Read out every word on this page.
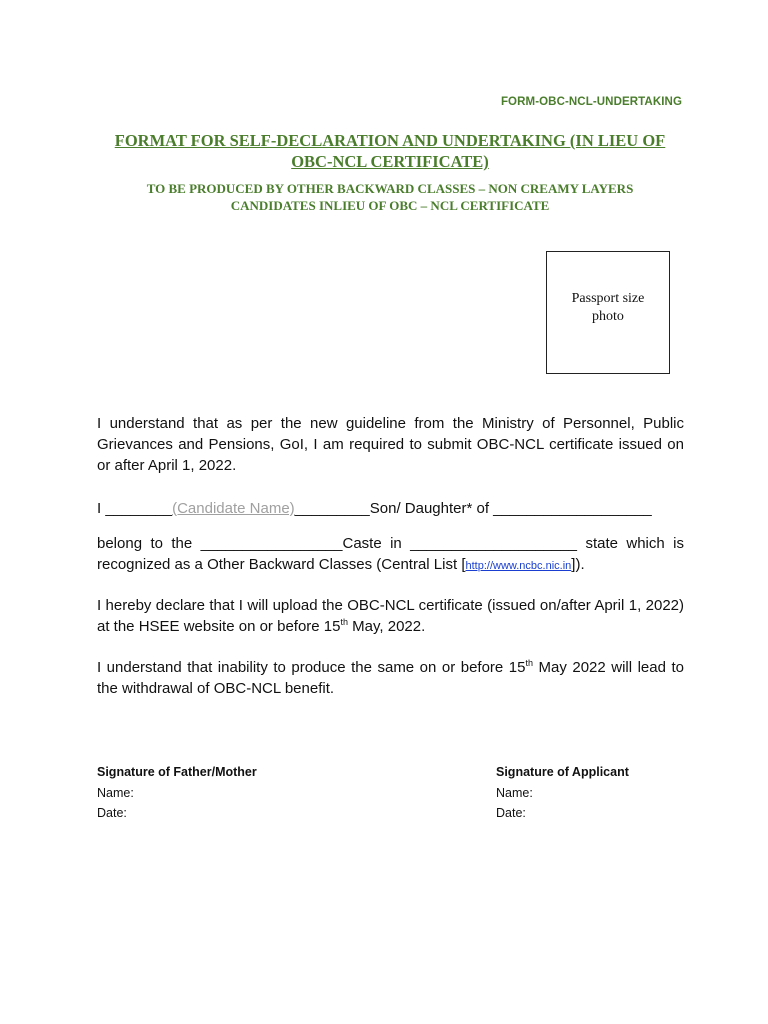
FORM-OBC-NCL-UNDERTAKING
FORMAT FOR SELF-DECLARATION AND UNDERTAKING (IN LIEU OF
OBC-NCL CERTIFICATE)
TO BE PRODUCED BY OTHER BACKWARD CLASSES – NON CREAMY LAYERS
CANDIDATES INLIEU OF OBC – NCL CERTIFICATE
Passport size
photo
I understand that as per the new guideline from the Ministry of Personnel, Public Grievances and Pensions, GoI, I am required to submit OBC-NCL certificate issued on or after April 1, 2022.
I ________(Candidate Name)_________Son/ Daughter* of ___________________
belong to the _________________Caste in ____________________ state which is recognized as a Other Backward Classes (Central List [http://www.ncbc.nic.in]).
I hereby declare that I will upload the OBC-NCL certificate (issued on/after April 1, 2022) at the HSEE website on or before 15th May, 2022.
I understand that inability to produce the same on or before 15th May 2022 will lead to the withdrawal of OBC-NCL benefit.
Signature of Father/Mother
Name:
Date:
Signature of Applicant
Name:
Date:
